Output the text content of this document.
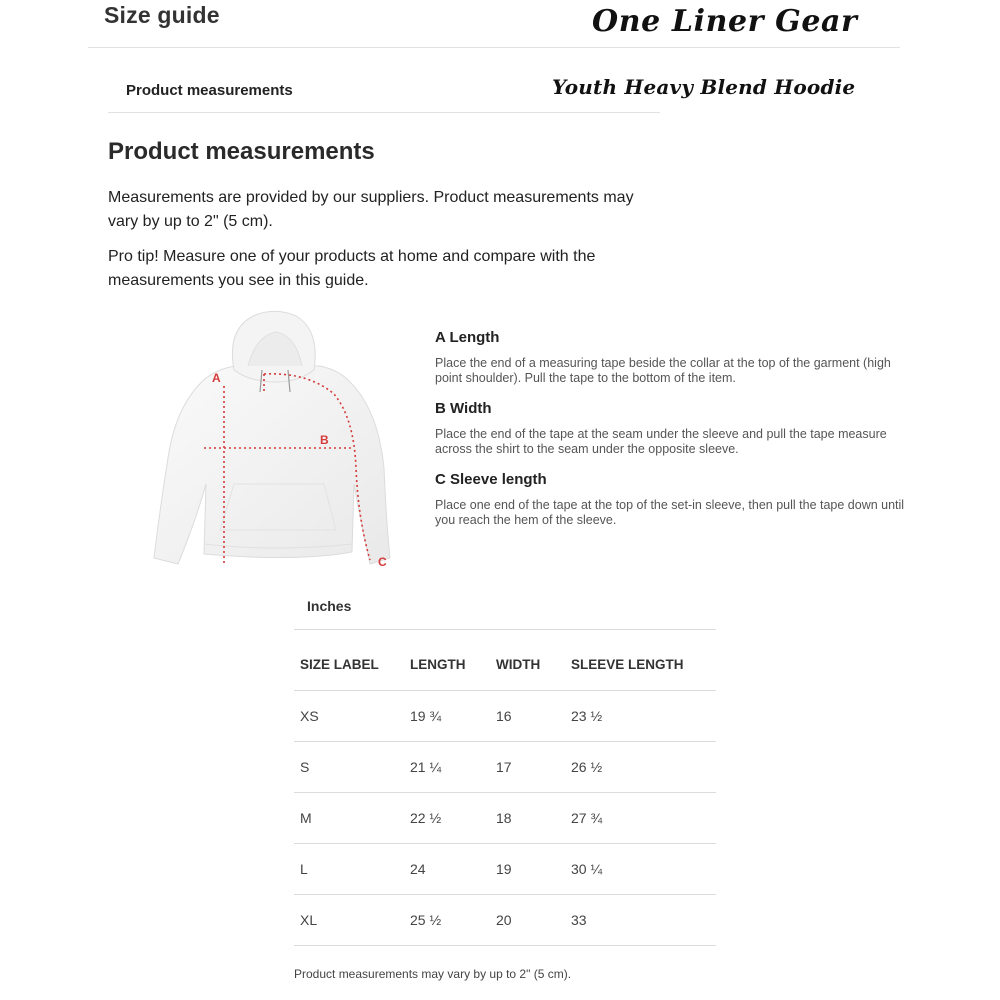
Size guide	One Liner Gear
Product measurements	Youth Heavy Blend Hoodie
Product measurements
Measurements are provided by our suppliers. Product measurements may vary by up to 2" (5 cm).
Pro tip! Measure one of your products at home and compare with the measurements you see in this guide.
A
B
C
A Length
Place the end of a measuring tape beside the collar at the top of the garment (high point shoulder). Pull the tape to the bottom of the item.
B Width
Place the end of the tape at the seam under the sleeve and pull the tape measure across the shirt to the seam under the opposite sleeve.
C Sleeve length
Place one end of the tape at the top of the set-in sleeve, then pull the tape down until you reach the hem of the sleeve.
Inches
SIZE LABEL	LENGTH	WIDTH	SLEEVE LENGTH
XS	19 ¾	16	23 ½
S	21 ¼	17	26 ½
M	22 ½	18	27 ¾
L	24	19	30 ¼
XL	25 ½	20	33
Product measurements may vary by up to 2" (5 cm).
